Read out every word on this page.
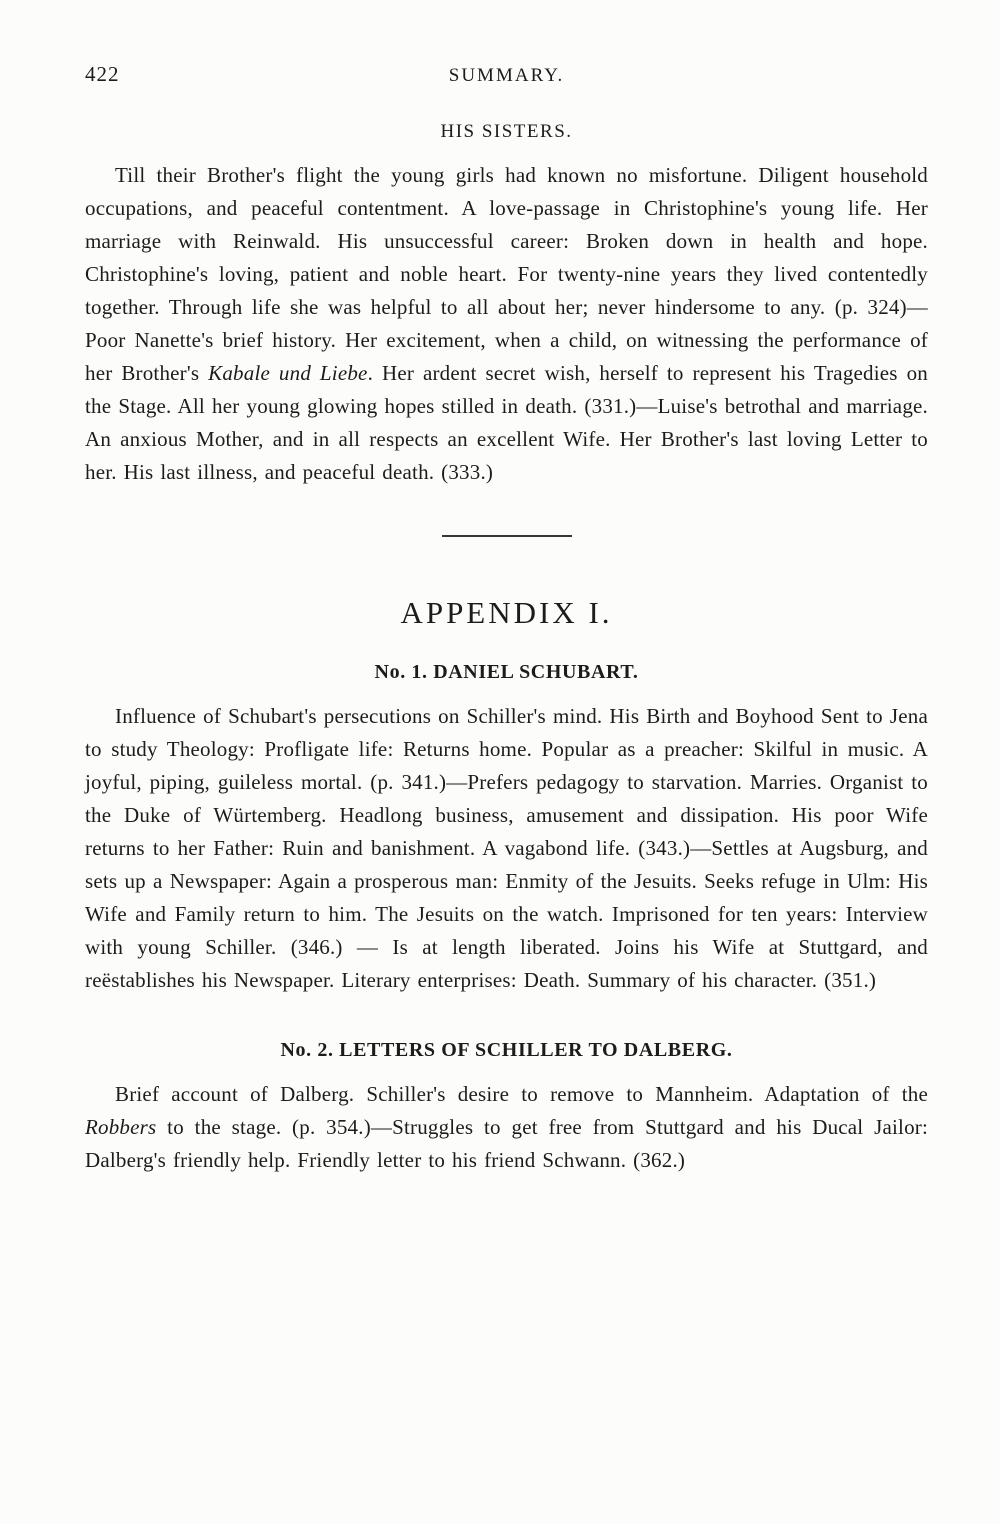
422	SUMMARY.
HIS SISTERS.

Till their Brother's flight the young girls had known no misfortune. Diligent household occupations, and peaceful contentment. A love-passage in Christophine's young life. Her marriage with Reinwald. His unsuccessful career: Broken down in health and hope. Christophine's loving, patient and noble heart. For twenty-nine years they lived contentedly together. Through life she was helpful to all about her; never hindersome to any. (p. 324)—Poor Nanette's brief history. Her excitement, when a child, on witnessing the performance of her Brother's Kabale und Liebe. Her ardent secret wish, herself to represent his Tragedies on the Stage. All her young glowing hopes stilled in death. (331.)—Luise's betrothal and marriage. An anxious Mother, and in all respects an excellent Wife. Her Brother's last loving Letter to her. His last illness, and peaceful death. (333.)

APPENDIX I.
No. 1. DANIEL SCHUBART.

Influence of Schubart's persecutions on Schiller's mind. His Birth and Boyhood Sent to Jena to study Theology: Profligate life: Returns home. Popular as a preacher: Skilful in music. A joyful, piping, guileless mortal. (p. 341.)—Prefers pedagogy to starvation. Marries. Organist to the Duke of Würtemberg. Headlong business, amusement and dissipation. His poor Wife returns to her Father: Ruin and banishment. A vagabond life. (343.)—Settles at Augsburg, and sets up a Newspaper: Again a prosperous man: Enmity of the Jesuits. Seeks refuge in Ulm: His Wife and Family return to him. The Jesuits on the watch. Imprisoned for ten years: Interview with young Schiller. (346.) — Is at length liberated. Joins his Wife at Stuttgard, and reëstablishes his Newspaper. Literary enterprises: Death. Summary of his character. (351.)

No. 2. LETTERS OF SCHILLER TO DALBERG.

Brief account of Dalberg. Schiller's desire to remove to Mannheim. Adaptation of the Robbers to the stage. (p. 354.)—Struggles to get free from Stuttgard and his Ducal Jailor: Dalberg's friendly help. Friendly letter to his friend Schwann. (362.)
